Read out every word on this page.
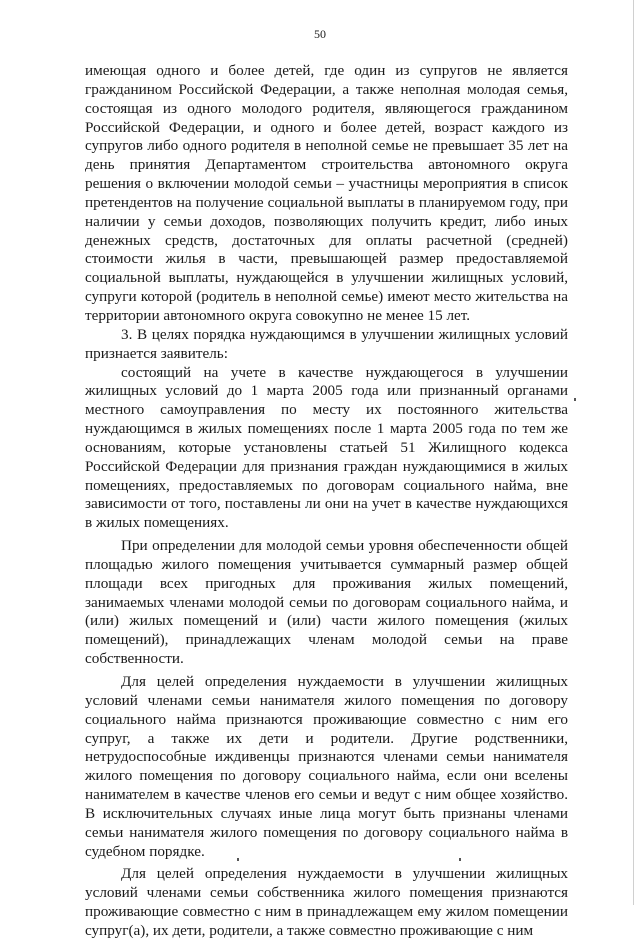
50

имеющая одного и более детей, где один из супругов не является гражданином Российской Федерации, а также неполная молодая семья, состоящая из одного молодого родителя, являющегося гражданином Российской Федерации, и одного и более детей, возраст каждого из супругов либо одного родителя в неполной семье не превышает 35 лет на день принятия Департаментом строительства автономного округа решения о включении молодой семьи – участницы мероприятия в список претендентов на получение социальной выплаты в планируемом году, при наличии у семьи доходов, позволяющих получить кредит, либо иных денежных средств, достаточных для оплаты расчетной (средней) стоимости жилья в части, превышающей размер предоставляемой социальной выплаты, нуждающейся в улучшении жилищных условий, супруги которой (родитель в неполной семье) имеют место жительства на территории автономного округа совокупно не менее 15 лет.

3. В целях порядка нуждающимся в улучшении жилищных условий признается заявитель:

состоящий на учете в качестве нуждающегося в улучшении жилищных условий до 1 марта 2005 года или признанный органами местного самоуправления по месту их постоянного жительства нуждающимся в жилых помещениях после 1 марта 2005 года по тем же основаниям, которые установлены статьей 51 Жилищного кодекса Российской Федерации для признания граждан нуждающимися в жилых помещениях, предоставляемых по договорам социального найма, вне зависимости от того, поставлены ли они на учет в качестве нуждающихся в жилых помещениях.

При определении для молодой семьи уровня обеспеченности общей площадью жилого помещения учитывается суммарный размер общей площади всех пригодных для проживания жилых помещений, занимаемых членами молодой семьи по договорам социального найма, и (или) жилых помещений и (или) части жилого помещения (жилых помещений), принадлежащих членам молодой семьи на праве собственности.

Для целей определения нуждаемости в улучшении жилищных условий членами семьи нанимателя жилого помещения по договору социального найма признаются проживающие совместно с ним его супруг, а также их дети и родители. Другие родственники, нетрудоспособные иждивенцы признаются членами семьи нанимателя жилого помещения по договору социального найма, если они вселены нанимателем в качестве членов его семьи и ведут с ним общее хозяйство. В исключительных случаях иные лица могут быть признаны членами семьи нанимателя жилого помещения по договору социального найма в судебном порядке.

Для целей определения нуждаемости в улучшении жилищных условий членами семьи собственника жилого помещения признаются проживающие совместно с ним в принадлежащем ему жилом помещении супруг(а), их дети, родители, а также совместно проживающие с ним
